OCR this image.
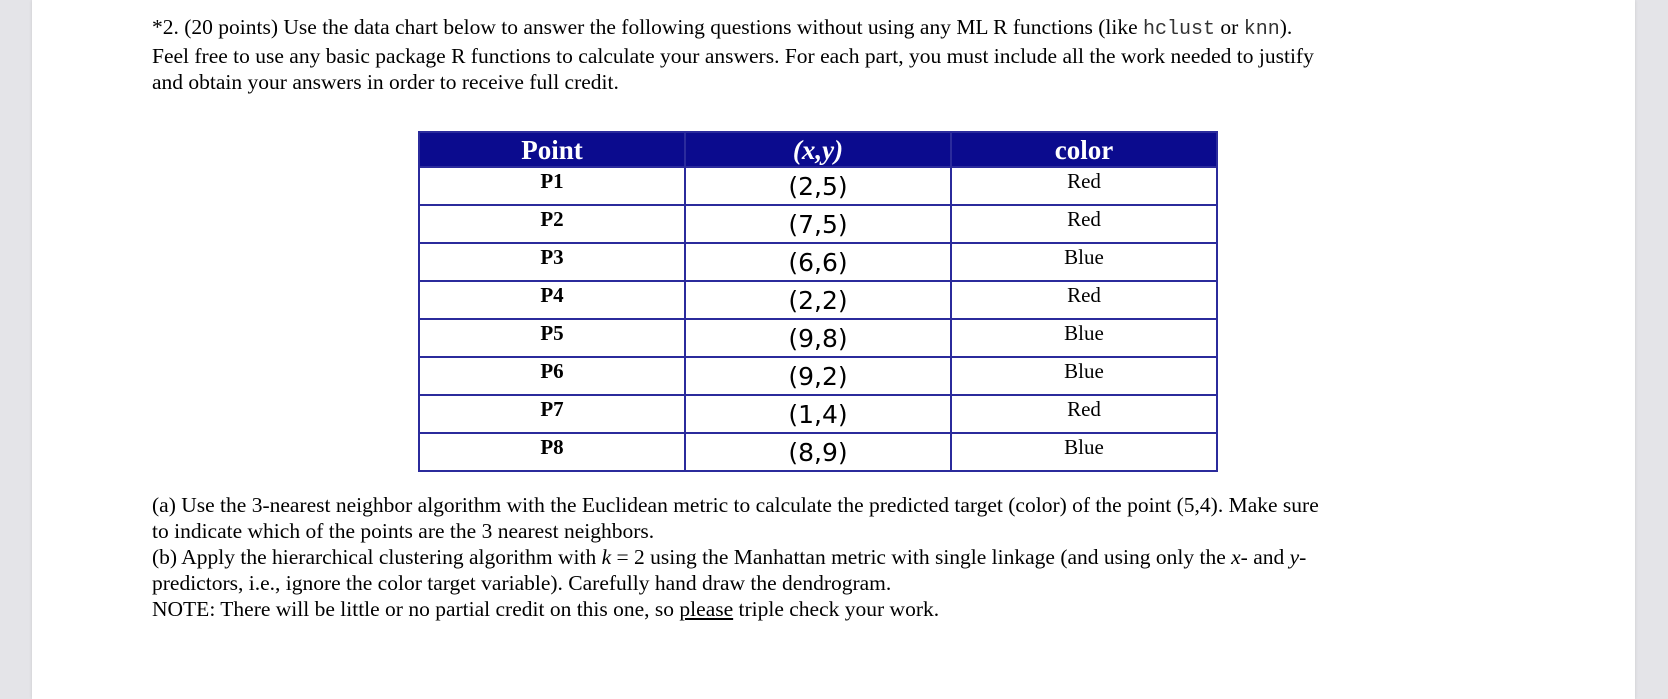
*2. (20 points) Use the data chart below to answer the following questions without using any ML R functions (like hclust or knn).
Feel free to use any basic package R functions to calculate your answers. For each part, you must include all the work needed to justify
and obtain your answers in order to receive full credit.

Point	(x,y)	color

P1	(2,5)	Red

P2	(7,5)	Red

P3	(6,6)	Blue

P4	(2,2)	Red

P5	(9,8)	Blue

P6	(9,2)	Blue

P7	(1,4)	Red

P8	(8,9)	Blue

(a) Use the 3-nearest neighbor algorithm with the Euclidean metric to calculate the predicted target (color) of the point (5,4). Make sure
to indicate which of the points are the 3 nearest neighbors.

(b) Apply the hierarchical clustering algorithm with k = 2 using the Manhattan metric with single linkage (and using only the x- and y-
predictors, i.e., ignore the color target variable). Carefully hand draw the dendrogram.

NOTE: There will be little or no partial credit on this one, so please triple check your work.
